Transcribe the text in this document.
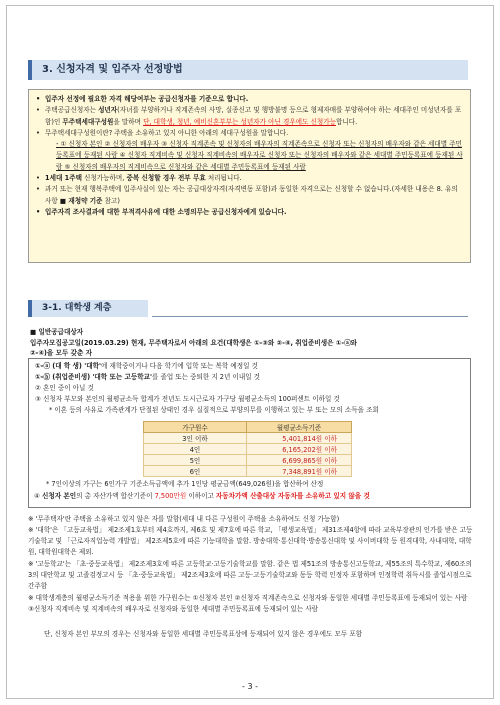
3. 신청자격 및 입주자 선정방법
• 입주자 선정에 필요한 자격 해당여부는 공급신청자를 기준으로 합니다.
• 주택공급신청자는 성년자(자녀를 부양하거나 직계존속의 사망, 실종신고 및 행방불명 등으로 형제자매를 부양하여야 하는 세대주인 미성년자를 포함)인 무주택세대구성원을 말하며 단, 대학생, 청년, 예비신혼부부는 성년자가 아닌 경우에도 신청가능합니다.
• 무주택세대구성원이란? 주택을 소유하고 있지 아니한 아래의 세대구성원을 말합니다.
- ① 신청자 본인 ② 신청자의 배우자 ③ 신청자 직계존속 및 신청자의 배우자의 직계존속으로 신청자 또는 신청자의 배우자와 같은 세대별 주민등록표에 등재된 사람 ④ 신청자 직계비속 및 신청자 직계비속의 배우자로 신청자 또는 신청자의 배우자와 같은 세대별 주민등록표에 등재된 사람 ⑤ 신청자의 배우자의 직계비속으로 신청자와 같은 세대별 주민등록표에 등재된 사람
• 1세대 1주택 신청가능하며, 중복 신청할 경우 전부 무효 처리됩니다.
• 과거 또는 현재 행복주택에 입주사실이 있는 자는 공급대상자격(자격변동 포함)과 동일한 자격으로는 신청할 수 없습니다.(자세한 내용은 8. 유의사항 ■ 재청약 기준 참고)
• 입주자격 조사결과에 대한 부적격사유에 대한 소명의무는 공급신청자에게 있습니다.
3-1. 대학생 계층
■ 일반공급대상자
입주자모집공고일(2019.03.29) 현재, 무주택자로서 아래의 요건(대학생은 ①-③와 ②-④, 취업준비생은 ①-ⓐ와
②-④)을 모두 갖춘 자
①-ⓐ (대 학 생) '대학'에 재학중이거나 다음 학기에 입학 또는 복학 예정일 것
①-ⓑ (취업준비생) '대학 또는 고등학교'를 졸업 또는 중퇴한 지 2년 이내일 것
② 혼인 중이 아닐 것
③ 신청자 부모와 본인의 월평균소득 합계가 전년도 도시근로자 가구당 월평균소득의 100퍼센트 이하일 것
* 이혼 등의 사유로 가족관계가 단절된 상태인 경우 실질적으로 부양의무를 이행하고 있는 부 또는 모의 소득을 조회
가구원수	월평균소득기준
3인 이하	5,401,814원 이하
4인	6,165,202원 이하
5인	6,699,865원 이하
6인	7,348,891원 이하
* 7인이상의 가구는 6인가구 기준소득금액에 추가 1인당 평균금액(649,026원)을 합산하여 산정
④ 신청자 본인의 총 자산가액 합산기준이 7,500만원 이하이고 자동차가액 산출대상 자동차를 소유하고 있지 않을 것
※ '무주택자'란 주택을 소유하고 있지 않은 자를 말함(세대 내 다른 구성원이 주택을 소유하여도 신청 가능함)
※ '대학'은 「고등교육법」 제2조제1호부터 제4호까지, 제6호 및 제7호에 따른 학교, 「평생교육법」 제31조제4항에 따라 교육부장관의 인가를 받은 고등기술학교 및 「근로자직업능력 개발법」 제2조제5호에 따른 기능대학을 말함. 방송대학·통신대학·방송통신대학 및 사이버대학 등 원격대학, 사내대학, 대학원, 대학원대학은 제외.
※ '고등학교'는 「초·중등교육법」 제2조제3호에 따른 고등학교·고등기술학교를 말함. 같은 법 제51조의 방송통신고등학교, 제55조의 특수학교, 제60조의3의 대안학교 및 고졸검정고시 등 「초·중등교육법」 제2조제3호에 따른 고등·고등기술학교와 동등 학력 인정자 포함하며 인정학력 취득시를 졸업시점으로 간주함
※ 대학생계층의 월평균소득기준 적용을 위한 가구원수는 ①신청자 본인 ②신청자 직계존속으로 신청자와 동일한 세대별 주민등록표에 등재되어 있는 사람 ③신청자 직계비속 및 직계비속의 배우자로 신청자와 동일한 세대별 주민등록표에 등재되어 있는 사람
단, 신청자 본인 부모의 경우는 신청자와 동일한 세대별 주민등록표상에 등재되어 있지 않은 경우에도 모두 포함
- 3 -
